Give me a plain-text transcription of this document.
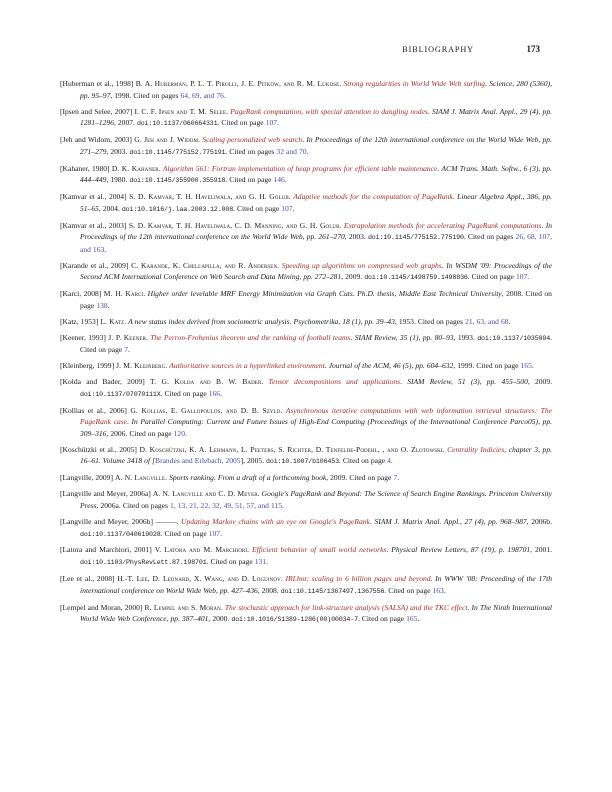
BIBLIOGRAPHY	173

[Huberman et al., 1998] B. A. Huberman, P. L. T. Pirolli, J. E. Pitkow, and R. M. Lukose. Strong regularities in World Wide Web surfing. Science, 280 (5360), pp. 95–97, 1998. Cited on pages 64, 69, and 76.

[Ipsen and Selee, 2007] I. C. F. Ipsen and T. M. Selee. PageRank computation, with special attention to dangling nodes. SIAM J. Matrix Anal. Appl., 29 (4), pp. 1281–1296, 2007. doi:10.1137/060664331. Cited on page 107.

[Jeh and Widom, 2003] G. Jeh and J. Widom. Scaling personalized web search. In Proceedings of the 12th international conference on the World Wide Web, pp. 271–279, 2003. doi:10.1145/775152.775191. Cited on pages 32 and 70.

[Kahaner, 1980] D. K. Kahaner. Algorithm 561: Fortran implementation of heap programs for efficient table maintenance. ACM Trans. Math. Softw., 6 (3), pp. 444–449, 1980. doi:10.1145/355900.355918. Cited on page 146.

[Kamvar et al., 2004] S. D. Kamvar, T. H. Haveliwala, and G. H. Golub. Adaptive methods for the computation of PageRank. Linear Algebra Appl., 386, pp. 51–65, 2004. doi:10.1016/j.laa.2003.12.008. Cited on page 107.

[Kamvar et al., 2003] S. D. Kamvar, T. H. Haveliwala, C. D. Manning, and G. H. Golub. Extrapolation methods for accelerating PageRank computations. In Proceedings of the 12th international conference on the World Wide Web, pp. 261–270, 2003. doi:10.1145/775152.775190. Cited on pages 26, 68, 107, and 163.

[Karande et al., 2009] C. Karande, K. Chellapilla, and R. Andersen. Speeding up algorithms on compressed web graphs. In WSDM '09: Proceedings of the Second ACM International Conference on Web Search and Data Mining, pp. 272–281, 2009. doi:10.1145/1498759.1498836. Cited on page 107.

[Karci, 2008] M. H. Karci. Higher order levelable MRF Energy Minimization via Graph Cuts. Ph.D. thesis, Middle East Technical University, 2008. Cited on page 138.

[Katz, 1953] L. Katz. A new status index derived from sociometric analysis. Psychometrika, 18 (1), pp. 39–43, 1953. Cited on pages 21, 63, and 68.

[Keener, 1993] J. P. Keener. The Perron-Frobenius theorem and the ranking of football teams. SIAM Review, 35 (1), pp. 80–93, 1993. doi:10.1137/1035004. Cited on page 7.

[Kleinberg, 1999] J. M. Kleinberg. Authoritative sources in a hyperlinked environment. Journal of the ACM, 46 (5), pp. 604–632, 1999. Cited on page 165.

[Kolda and Bader, 2009] T. G. Kolda and B. W. Bader. Tensor decompositions and applications. SIAM Review, 51 (3), pp. 455–500, 2009. doi:10.1137/07070111X. Cited on page 166.

[Kollias et al., 2006] G. Kollias, E. Gallopoulos, and D. B. Szyld. Asynchronous iterative computations with web information retrieval structures: The PageRank case. In Parallel Computing: Current and Future Issues of High-End Computing (Proceedings of the International Conference Parco05), pp. 309–316, 2006. Cited on page 120.

[Koschützki et al., 2005] D. Koschützki, K. A. Lehmann, L. Peeters, S. Richter, D. Tenfelde-Podehl, , and O. Zlotowski. Centrality Indicies, chapter 3, pp. 16–61. Volume 3418 of [Brandes and Erlebach, 2005], 2005. doi:10.1007/b106453. Cited on page 4.

[Langville, 2009] A. N. Langville. Sports ranking. From a draft of a forthcoming book, 2009. Cited on page 7.

[Langville and Meyer, 2006a] A. N. Langville and C. D. Meyer. Google's PageRank and Beyond: The Science of Search Engine Rankings. Princeton University Press, 2006a. Cited on pages 1, 13, 21, 22, 32, 49, 51, 57, and 115.

[Langville and Meyer, 2006b] ———. Updating Markov chains with an eye on Google's PageRank. SIAM J. Matrix Anal. Appl., 27 (4), pp. 968–987, 2006b. doi:10.1137/040619028. Cited on page 107.

[Latora and Marchiori, 2001] V. Latora and M. Marchiori. Efficient behavior of small world networks. Physical Review Letters, 87 (19), p. 198701, 2001. doi:10.1103/PhysRevLett.87.198701. Cited on page 131.

[Lee et al., 2008] H.-T. Lee, D. Leonard, X. Wang, and D. Loguinov. IRLbot: scaling to 6 billion pages and beyond. In WWW '08: Proceeding of the 17th international conference on World Wide Web, pp. 427–436, 2008. doi:10.1145/1367497.1367556. Cited on page 163.

[Lempel and Moran, 2000] R. Lempel and S. Moran. The stochastic approach for link-structure analysis (SALSA) and the TKC effect. In The Ninth International World Wide Web Conference, pp. 387–401, 2000. doi:10.1016/S1389-1286(00)00034-7. Cited on page 165.
